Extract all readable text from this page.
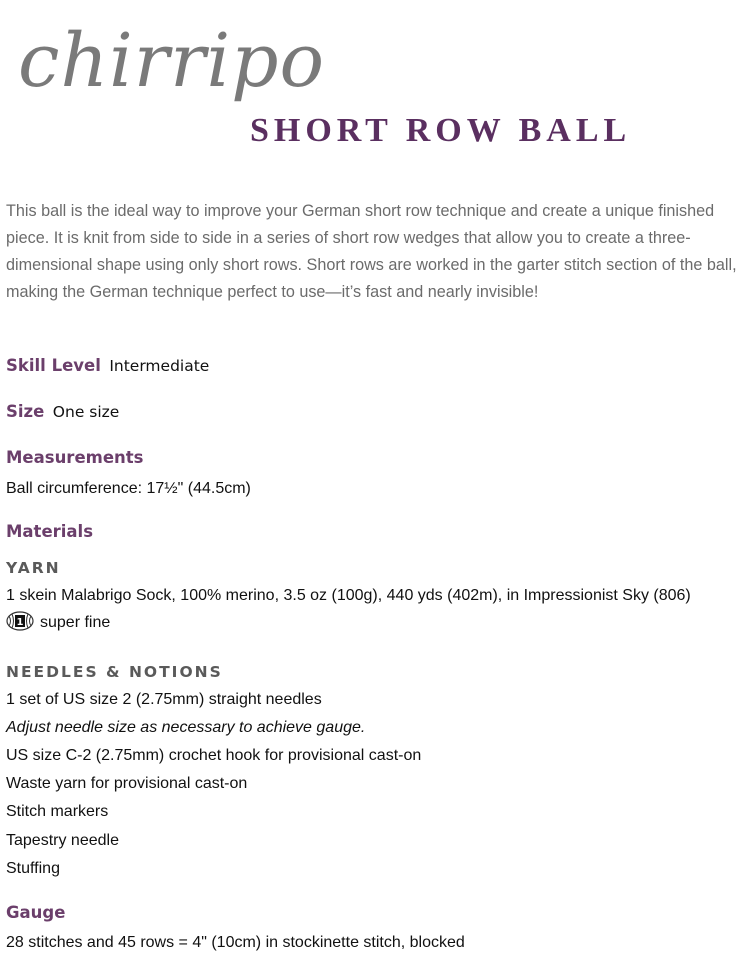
chirripo
SHORT ROW BALL

This ball is the ideal way to improve your German short row technique and create a unique finished piece. It is knit from side to side in a series of short row wedges that allow you to create a three-dimensional shape using only short rows. Short rows are worked in the garter stitch section of the ball, making the German technique perfect to use—it’s fast and nearly invisible!

Skill Level Intermediate

Size One size

Measurements

Ball circumference: 17½" (44.5cm)

Materials

YARN

1 skein Malabrigo Sock, 100% merino, 3.5 oz (100g), 440 yds (402m), in Impressionist Sky (806)

1 super fine

NEEDLES & NOTIONS

1 set of US size 2 (2.75mm) straight needles

Adjust needle size as necessary to achieve gauge.

US size C-2 (2.75mm) crochet hook for provisional cast-on

Waste yarn for provisional cast-on

Stitch markers

Tapestry needle

Stuffing

Gauge

28 stitches and 45 rows = 4" (10cm) in stockinette stitch, blocked
